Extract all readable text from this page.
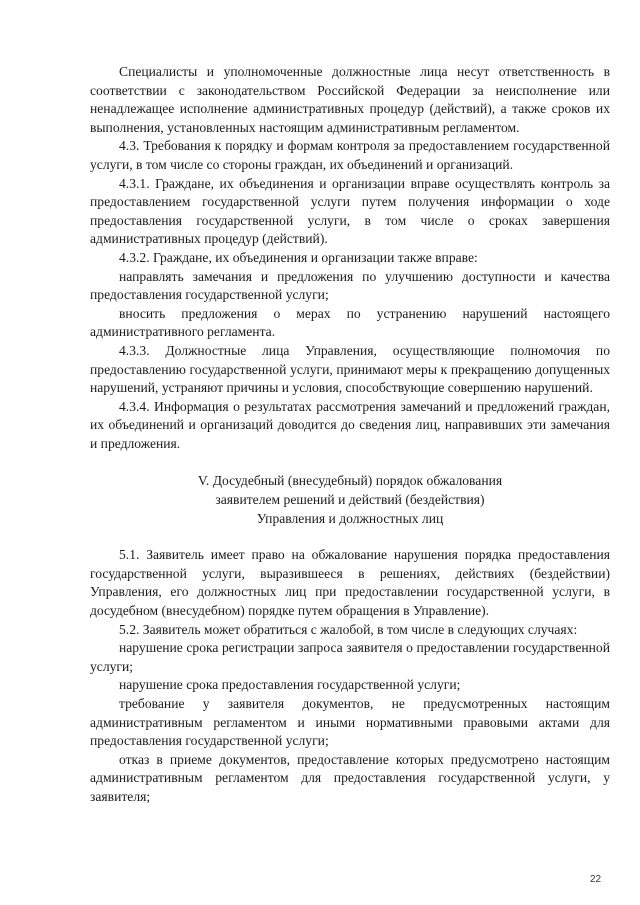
Специалисты и уполномоченные должностные лица несут ответственность в соответствии с законодательством Российской Федерации за неисполнение или ненадлежащее исполнение административных процедур (действий), а также сроков их выполнения, установленных настоящим административным регламентом.

4.3. Требования к порядку и формам контроля за предоставлением государственной услуги, в том числе со стороны граждан, их объединений и организаций.

4.3.1. Граждане, их объединения и организации вправе осуществлять контроль за предоставлением государственной услуги путем получения информации о ходе предоставления государственной услуги, в том числе о сроках завершения административных процедур (действий).

4.3.2. Граждане, их объединения и организации также вправе:

направлять замечания и предложения по улучшению доступности и качества предоставления государственной услуги;

вносить предложения о мерах по устранению нарушений настоящего административного регламента.

4.3.3. Должностные лица Управления, осуществляющие полномочия по предоставлению государственной услуги, принимают меры к прекращению допущенных нарушений, устраняют причины и условия, способствующие совершению нарушений.

4.3.4. Информация о результатах рассмотрения замечаний и предложений граждан, их объединений и организаций доводится до сведения лиц, направивших эти замечания и предложения.

V. Досудебный (внесудебный) порядок обжалования

заявителем решений и действий (бездействия)

Управления и должностных лиц

5.1. Заявитель имеет право на обжалование нарушения порядка предоставления государственной услуги, выразившееся в решениях, действиях (бездействии) Управления, его должностных лиц при предоставлении государственной услуги, в досудебном (внесудебном) порядке путем обращения в Управление).

5.2. Заявитель может обратиться с жалобой, в том числе в следующих случаях:

нарушение срока регистрации запроса заявителя о предоставлении государственной услуги;

нарушение срока предоставления государственной услуги;

требование у заявителя документов, не предусмотренных настоящим административным регламентом и иными нормативными правовыми актами для предоставления государственной услуги;

отказ в приеме документов, предоставление которых предусмотрено настоящим административным регламентом для предоставления государственной услуги, у заявителя;

22
